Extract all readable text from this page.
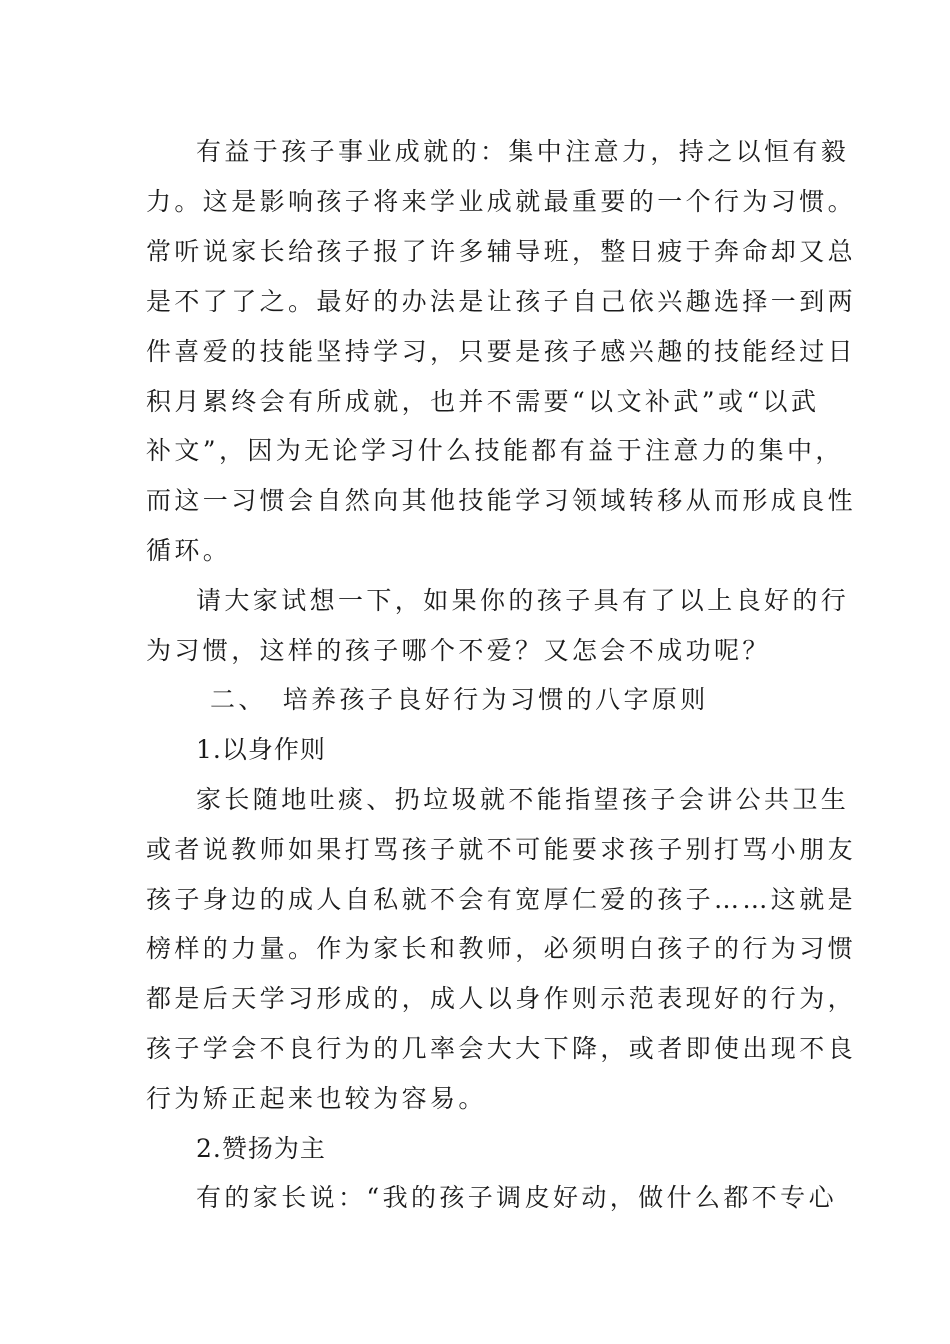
有益于孩子事业成就的：集中注意力，持之以恒有毅
力。这是影响孩子将来学业成就最重要的一个行为习惯。
常听说家长给孩子报了许多辅导班，整日疲于奔命却又总
是不了了之。最好的办法是让孩子自己依兴趣选择一到两
件喜爱的技能坚持学习，只要是孩子感兴趣的技能经过日
积月累终会有所成就，也并不需要“以文补武”或“以武
补文”，因为无论学习什么技能都有益于注意力的集中，
而这一习惯会自然向其他技能学习领域转移从而形成良性
循环。
请大家试想一下，如果你的孩子具有了以上良好的行
为习惯，这样的孩子哪个不爱？又怎会不成功呢？
二、　培养孩子良好行为习惯的八字原则
1.以身作则
家长随地吐痰、扔垃圾就不能指望孩子会讲公共卫生
或者说教师如果打骂孩子就不可能要求孩子别打骂小朋友
孩子身边的成人自私就不会有宽厚仁爱的孩子……这就是
榜样的力量。作为家长和教师，必须明白孩子的行为习惯
都是后天学习形成的，成人以身作则示范表现好的行为，
孩子学会不良行为的几率会大大下降，或者即使出现不良
行为矫正起来也较为容易。
2.赞扬为主
有的家长说：“我的孩子调皮好动，做什么都不专心
